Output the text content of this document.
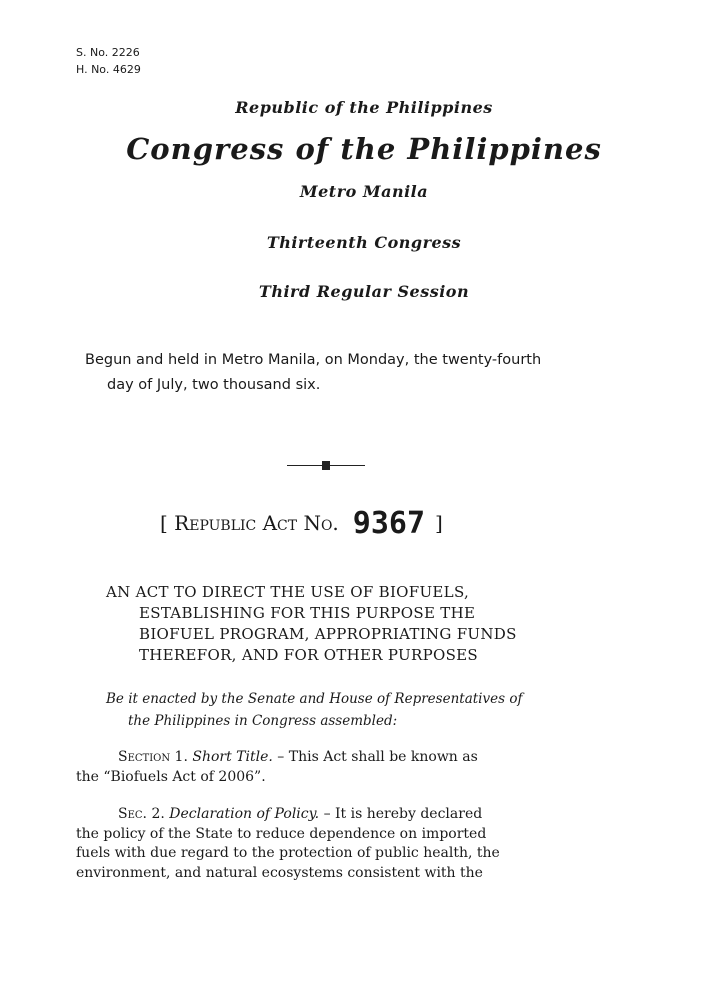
S. No. 2226
H. No. 4629
Republic of the Philippines
Congress of the Philippines
Metro Manila
Thirteenth Congress
Third Regular Session
Begun and held in Metro Manila, on Monday, the twenty-fourth
day of July, two thousand six.
[ Republic Act No. 9367 ]
AN ACT TO DIRECT THE USE OF BIOFUELS,
ESTABLISHING FOR THIS PURPOSE THE
BIOFUEL PROGRAM, APPROPRIATING FUNDS
THEREFOR, AND FOR OTHER PURPOSES
Be it enacted by the Senate and House of Representatives of
the Philippines in Congress assembled:
Section 1. Short Title. – This Act shall be known as
the “Biofuels Act of 2006”.
Sec. 2. Declaration of Policy. – It is hereby declared
the policy of the State to reduce dependence on imported
fuels with due regard to the protection of public health, the
environment, and natural ecosystems consistent with the
